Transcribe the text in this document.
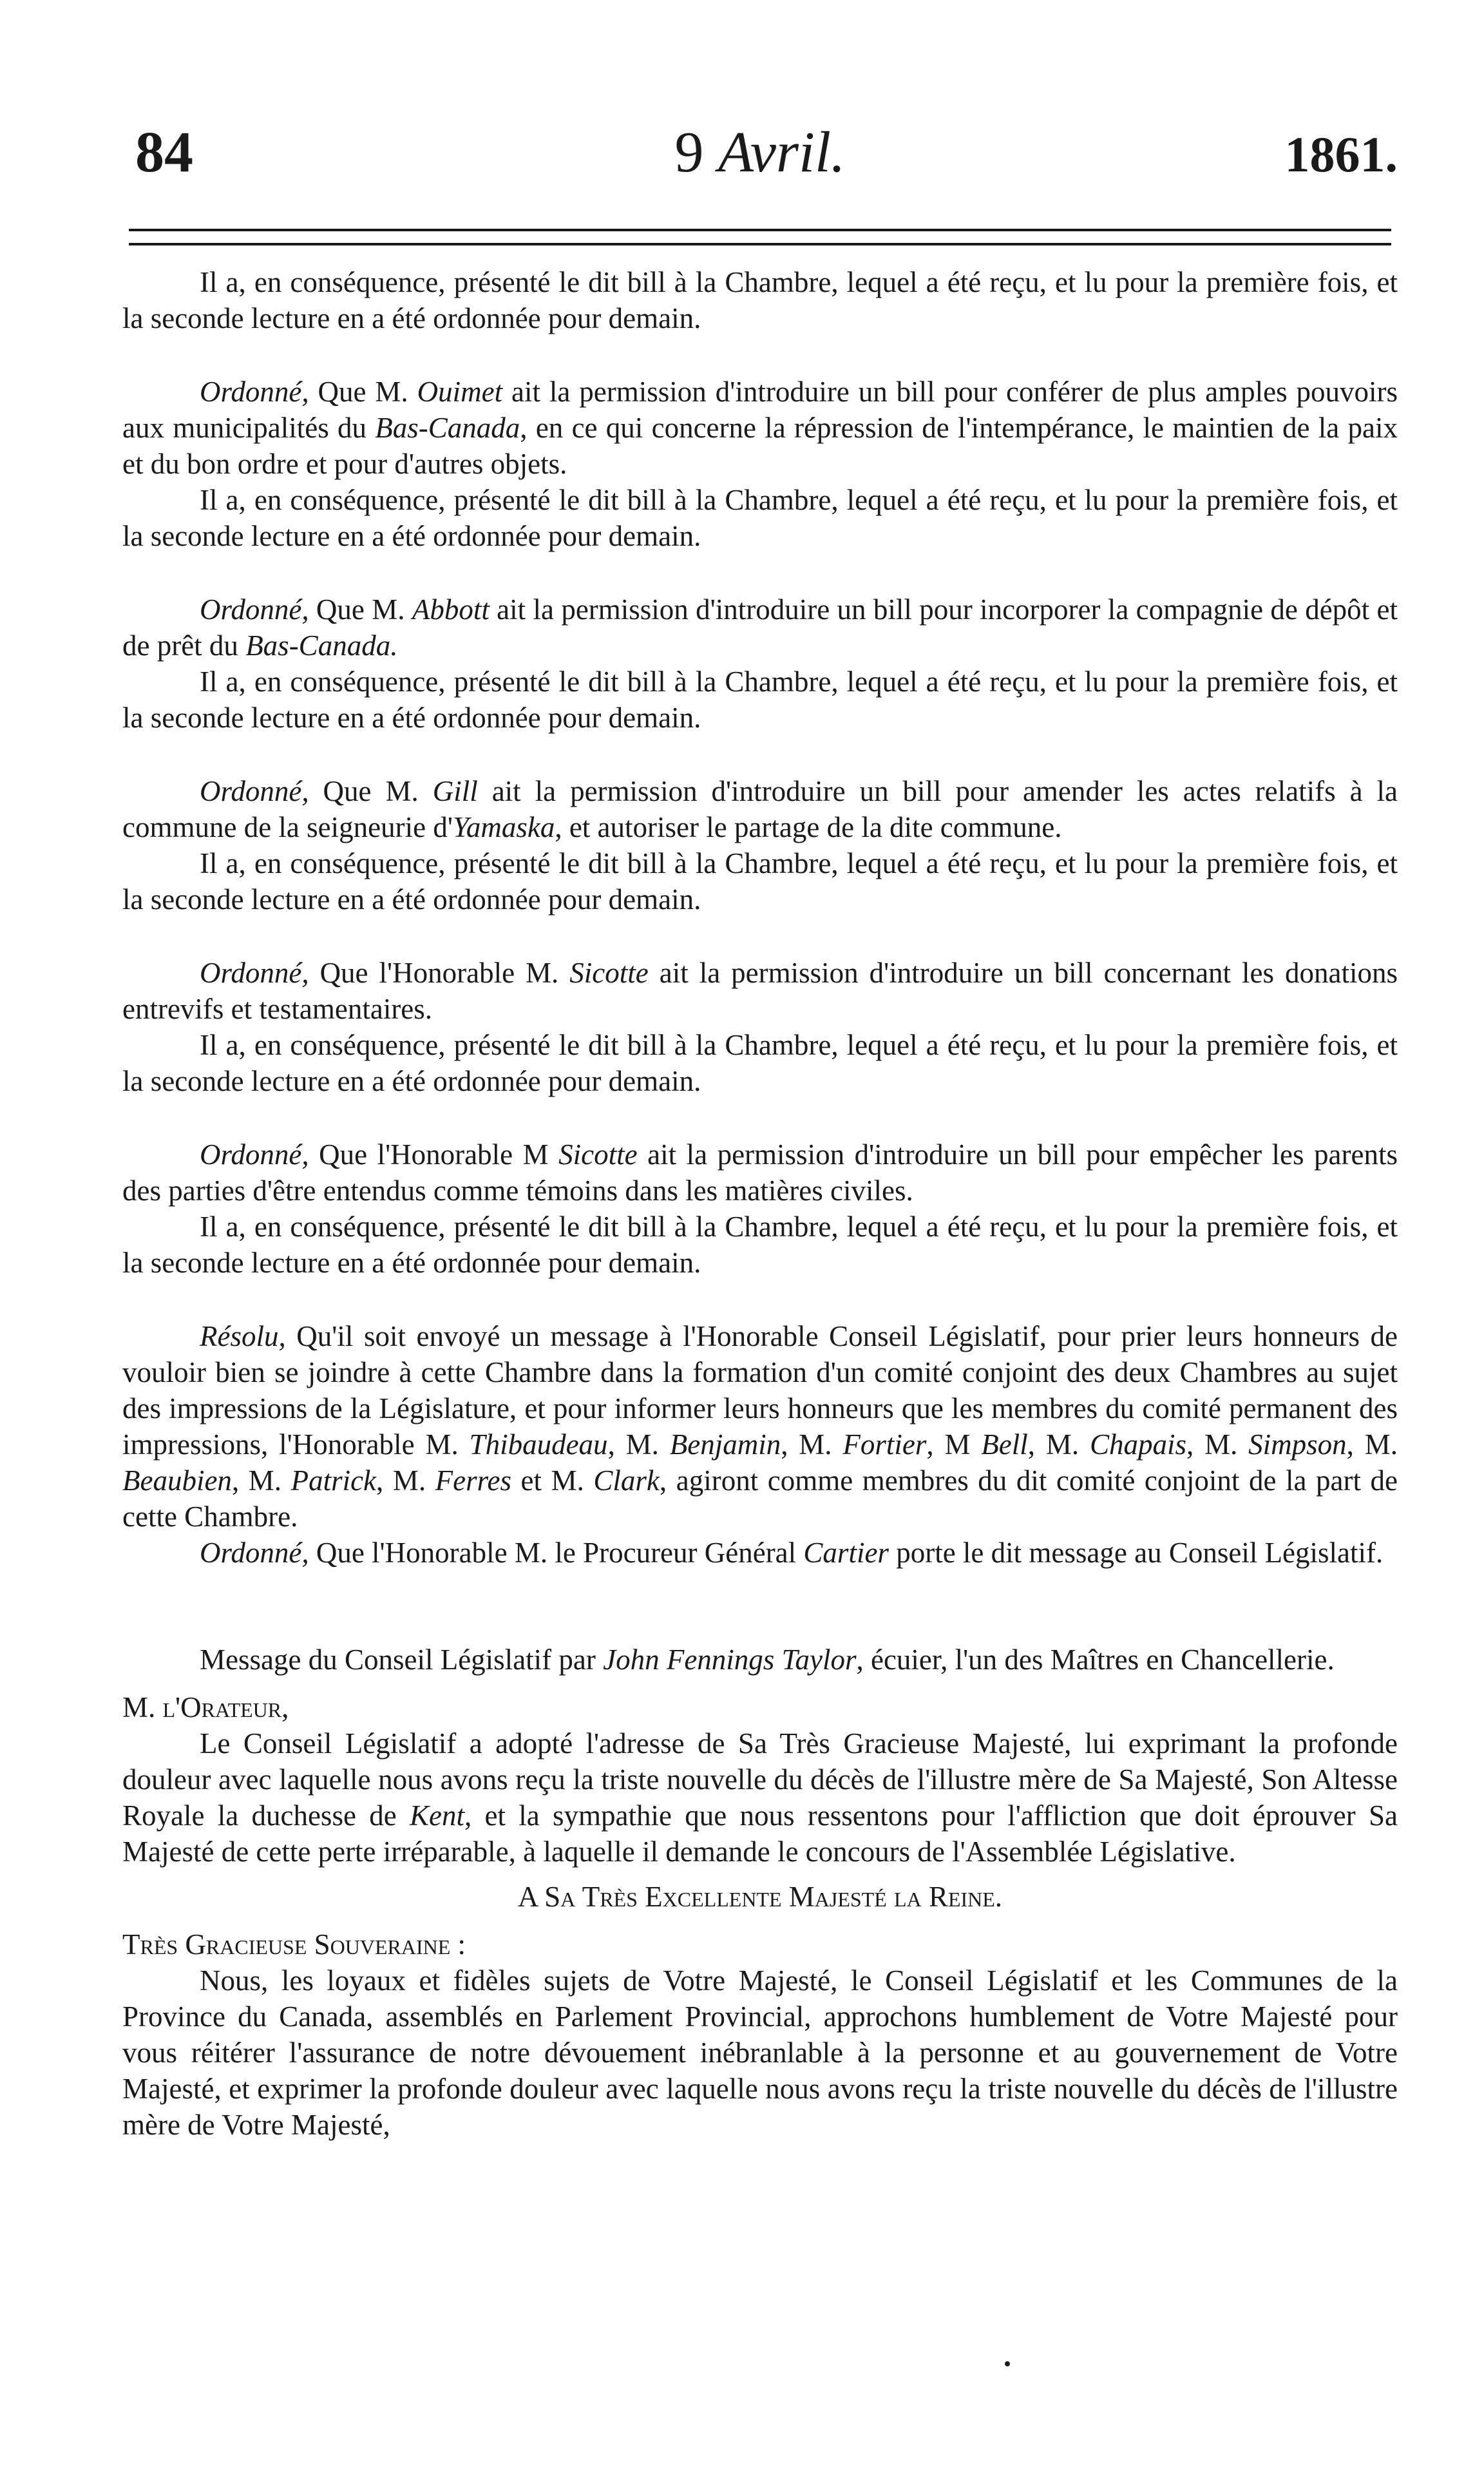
84	9 Avril.	1861.

Il a, en conséquence, présenté le dit bill à la Chambre, lequel a été reçu, et lu pour la première fois, et la seconde lecture en a été ordonnée pour demain.

Ordonné, Que M. Ouimet ait la permission d'introduire un bill pour conférer de plus amples pouvoirs aux municipalités du Bas-Canada, en ce qui concerne la répression de l'intempérance, le maintien de la paix et du bon ordre et pour d'autres objets.

Il a, en conséquence, présenté le dit bill à la Chambre, lequel a été reçu, et lu pour la première fois, et la seconde lecture en a été ordonnée pour demain.

Ordonné, Que M. Abbott ait la permission d'introduire un bill pour incorporer la compagnie de dépôt et de prêt du Bas-Canada.

Il a, en conséquence, présenté le dit bill à la Chambre, lequel a été reçu, et lu pour la première fois, et la seconde lecture en a été ordonnée pour demain.

Ordonné, Que M. Gill ait la permission d'introduire un bill pour amender les actes relatifs à la commune de la seigneurie d'Yamaska, et autoriser le partage de la dite commune.

Il a, en conséquence, présenté le dit bill à la Chambre, lequel a été reçu, et lu pour la première fois, et la seconde lecture en a été ordonnée pour demain.

Ordonné, Que l'Honorable M. Sicotte ait la permission d'introduire un bill concernant les donations entrevifs et testamentaires.

Il a, en conséquence, présenté le dit bill à la Chambre, lequel a été reçu, et lu pour la première fois, et la seconde lecture en a été ordonnée pour demain.

Ordonné, Que l'Honorable M Sicotte ait la permission d'introduire un bill pour empêcher les parents des parties d'être entendus comme témoins dans les matières civiles.

Il a, en conséquence, présenté le dit bill à la Chambre, lequel a été reçu, et lu pour la première fois, et la seconde lecture en a été ordonnée pour demain.

Résolu, Qu'il soit envoyé un message à l'Honorable Conseil Législatif, pour prier leurs honneurs de vouloir bien se joindre à cette Chambre dans la formation d'un comité conjoint des deux Chambres au sujet des impressions de la Législature, et pour informer leurs honneurs que les membres du comité permanent des impressions, l'Honorable M. Thibaudeau, M. Benjamin, M. Fortier, M Bell, M. Chapais, M. Simpson, M. Beaubien, M. Patrick, M. Ferres et M. Clark, agiront comme membres du dit comité conjoint de la part de cette Chambre.

Ordonné, Que l'Honorable M. le Procureur Général Cartier porte le dit message au Conseil Législatif.

Message du Conseil Législatif par John Fennings Taylor, écuier, l'un des Maîtres en Chancellerie.

M. l'Orateur,

Le Conseil Législatif a adopté l'adresse de Sa Très Gracieuse Majesté, lui exprimant la profonde douleur avec laquelle nous avons reçu la triste nouvelle du décès de l'illustre mère de Sa Majesté, Son Altesse Royale la duchesse de Kent, et la sympathie que nous ressentons pour l'affliction que doit éprouver Sa Majesté de cette perte irréparable, à laquelle il demande le concours de l'Assemblée Législative.

A Sa Très Excellente Majesté la Reine.

Très Gracieuse Souveraine :

Nous, les loyaux et fidèles sujets de Votre Majesté, le Conseil Législatif et les Communes de la Province du Canada, assemblés en Parlement Provincial, approchons humblement de Votre Majesté pour vous réitérer l'assurance de notre dévouement inébranlable à la personne et au gouvernement de Votre Majesté, et exprimer la profonde douleur avec laquelle nous avons reçu la triste nouvelle du décès de l'illustre mère de Votre Majesté,
